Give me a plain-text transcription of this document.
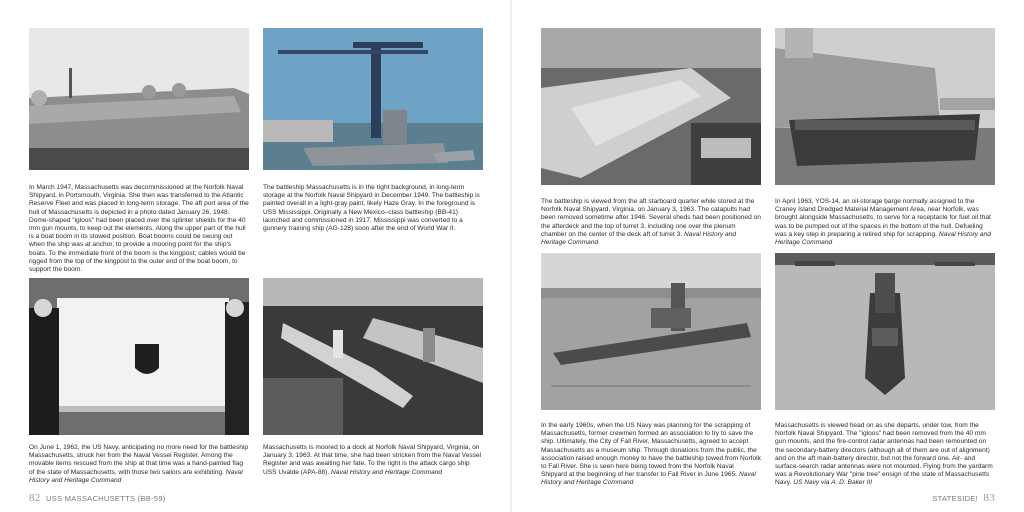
In March 1947, Massachusetts was decommissioned at the Norfolk Naval Shipyard, in Portsmouth, Virginia. She then was transferred to the Atlantic Reserve Fleet and was placed in long-term storage. The aft port area of the hull of Massachusetts is depicted in a photo dated January 26, 1948. Dome-shaped "igloos" had been placed over the splinter shields for the 40 mm gun mounts, to keep out the elements. Along the upper part of the hull is a boat boom in its stowed position. Boat booms could be swung out when the ship was at anchor, to provide a mooring point for the ship's boats. To the immediate front of the boom is the kingpost; cables would be rigged from the top of the kingpost to the outer end of the boat boom, to support the boom.

The battleship Massachusetts is in the right background, in long-term storage at the Norfolk Naval Shipyard in December 1949. The battleship is painted overall in a light-gray paint, likely Haze Gray. In the foreground is USS Mississippi. Originally a New Mexico–class battleship (BB-41) launched and commissioned in 1917, Mississippi was converted to a gunnery training ship (AG-128) soon after the end of World War II.

On June 1, 1962, the US Navy, anticipating no more need for the battleship Massachusetts, struck her from the Naval Vessel Register. Among the movable items rescued from the ship at that time was a hand-painted flag of the state of Massachusetts, with those two sailors are exhibiting. Naval History and Heritage Command

Massachusetts is moored to a dock at Norfolk Naval Shipyard, Virginia, on January 3, 1963. At that time, she had been stricken from the Naval Vessel Register and was awaiting her fate. To the right is the attack cargo ship USS Uvalde (APA-88). Naval History and Heritage Command

82 USS MASSACHUSETTS (BB-59)

The battleship is viewed from the aft starboard quarter while stored at the Norfolk Naval Shipyard, Virginia, on January 3, 1963. The catapults had been removed sometime after 1946. Several sheds had been positioned on the afterdeck and the top of turret 3, including one over the plenum chamber on the center of the deck aft of turret 3. Naval History and Heritage Command

In April 1963, YOS-14, an oil-storage barge normally assigned to the Craney Island Dredged Material Management Area, near Norfolk, was brought alongside Massachusetts, to serve for a receptacle for fuel oil that was to be pumped out of the spaces in the bottom of the hull. Defueling was a key step in preparing a retired ship for scrapping. Naval History and Heritage Command

In the early 1960s, when the US Navy was planning for the scrapping of Massachusetts, former crewmen formed an association to try to save the ship. Ultimately, the City of Fall River, Massachusetts, agreed to accept Massachusetts as a museum ship. Through donations from the public, the association raised enough money to have the battleship towed from Norfolk to Fall River. She is seen here being towed from the Norfolk Naval Shipyard at the beginning of her transfer to Fall River in June 1965. Naval History and Heritage Command

Massachusetts is viewed head on as she departs, under tow, from the Norfolk Naval Shipyard. The "igloos" had been removed from the 40 mm gun mounts, and the fire-control radar antennas had been remounted on the secondary-battery directors (although all of them are out of alignment) and on the aft main-battery director, but not the forward one. Air- and surface-search radar antennas were not mounted. Flying from the yardarm was a Revolutionary War "pine tree" ensign of the state of Massachusetts Navy. US Navy via A. D. Baker III

STATESIDE! 83
